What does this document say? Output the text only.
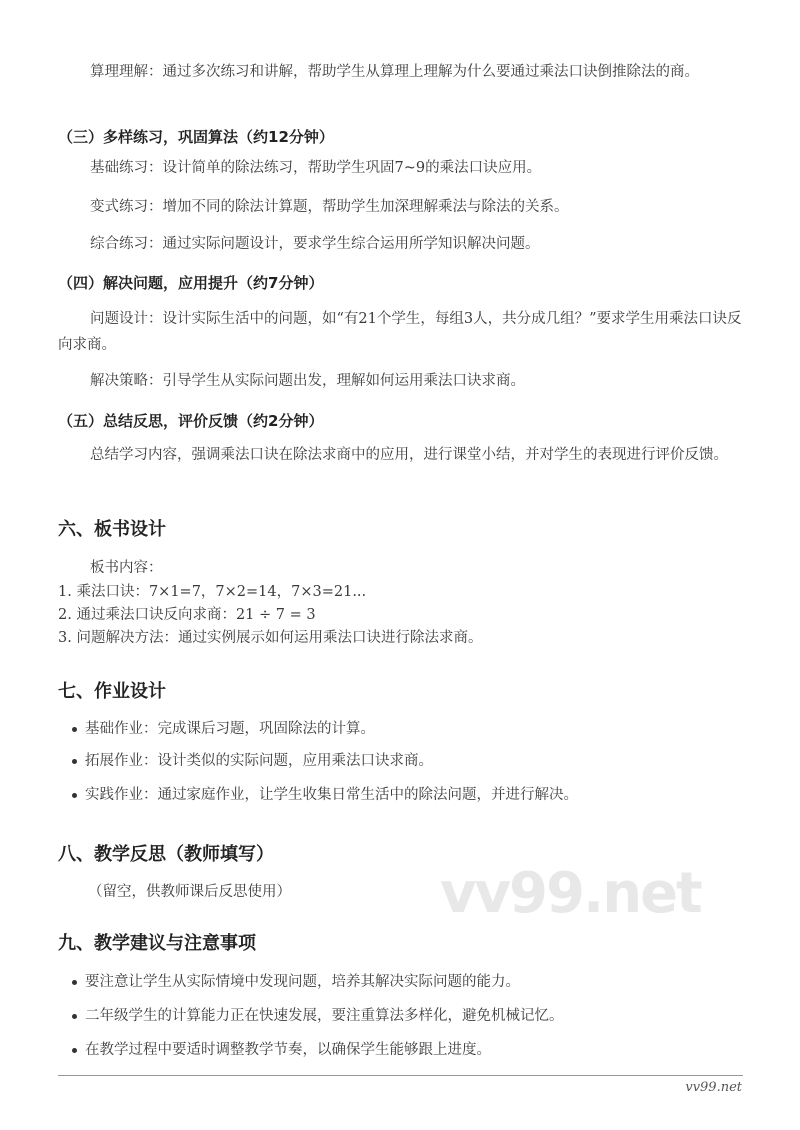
vv99.net
算理理解：通过多次练习和讲解，帮助学生从算理上理解为什么要通过乘法口诀倒推除法的商。
（三）多样练习，巩固算法（约12分钟）
基础练习：设计简单的除法练习，帮助学生巩固7~9的乘法口诀应用。
变式练习：增加不同的除法计算题，帮助学生加深理解乘法与除法的关系。
综合练习：通过实际问题设计，要求学生综合运用所学知识解决问题。
（四）解决问题，应用提升（约7分钟）
问题设计：设计实际生活中的问题，如“有21个学生，每组3人，共分成几组？”要求学生用乘法口诀反向求商。
解决策略：引导学生从实际问题出发，理解如何运用乘法口诀求商。
（五）总结反思，评价反馈（约2分钟）
总结学习内容，强调乘法口诀在除法求商中的应用，进行课堂小结，并对学生的表现进行评价反馈。
六、板书设计
板书内容：
1. 乘法口诀：7×1=7，7×2=14，7×3=21...
2. 通过乘法口诀反向求商：21 ÷ 7 = 3
3. 问题解决方法：通过实例展示如何运用乘法口诀进行除法求商。
七、作业设计
基础作业：完成课后习题，巩固除法的计算。
拓展作业：设计类似的实际问题，应用乘法口诀求商。
实践作业：通过家庭作业，让学生收集日常生活中的除法问题，并进行解决。
八、教学反思（教师填写）
（留空，供教师课后反思使用）
九、教学建议与注意事项
要注意让学生从实际情境中发现问题，培养其解决实际问题的能力。
二年级学生的计算能力正在快速发展，要注重算法多样化，避免机械记忆。
在教学过程中要适时调整教学节奏，以确保学生能够跟上进度。
vv99.net
